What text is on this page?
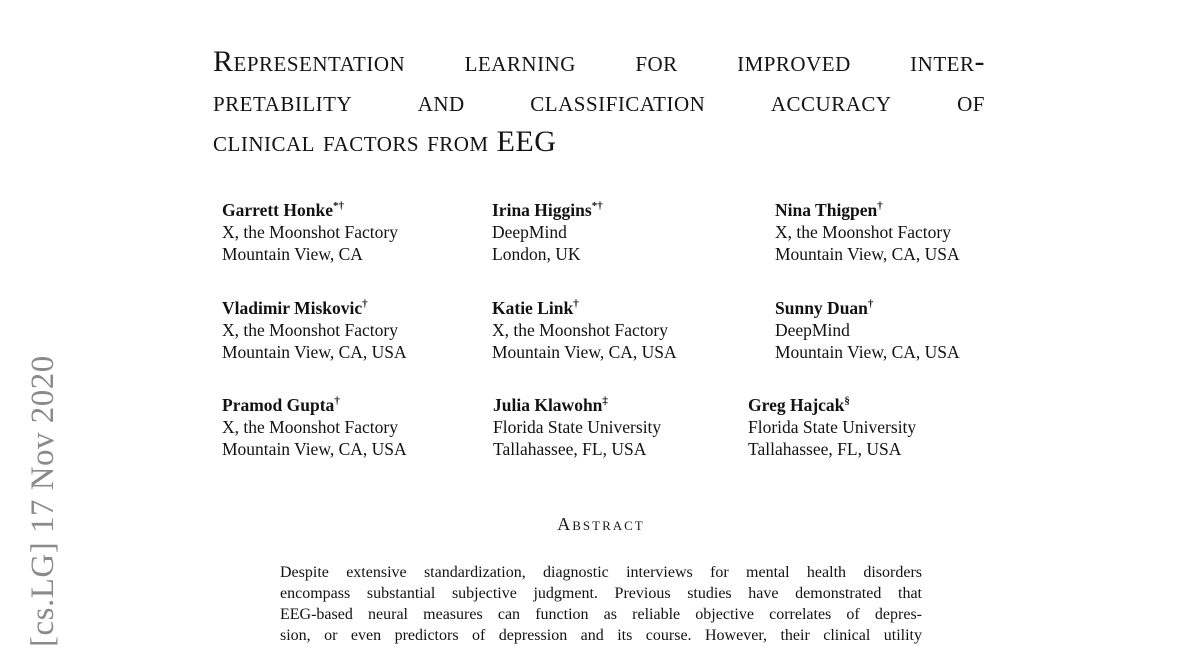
[cs.LG] 17 Nov 2020
Representation learning for improved inter-
pretability and classification accuracy of
clinical factors from EEG
Garrett Honke*†
X, the Moonshot Factory
Mountain View, CA
Irina Higgins*†
DeepMind
London, UK
Nina Thigpen†
X, the Moonshot Factory
Mountain View, CA, USA
Vladimir Miskovic†
X, the Moonshot Factory
Mountain View, CA, USA
Katie Link†
X, the Moonshot Factory
Mountain View, CA, USA
Sunny Duan†
DeepMind
Mountain View, CA, USA
Pramod Gupta†
X, the Moonshot Factory
Mountain View, CA, USA
Julia Klawohn‡
Florida State University
Tallahassee, FL, USA
Greg Hajcak§
Florida State University
Tallahassee, FL, USA
Abstract
Despite extensive standardization, diagnostic interviews for mental health disorders
encompass substantial subjective judgment. Previous studies have demonstrated that
EEG-based neural measures can function as reliable objective correlates of depres-
sion, or even predictors of depression and its course. However, their clinical utility
